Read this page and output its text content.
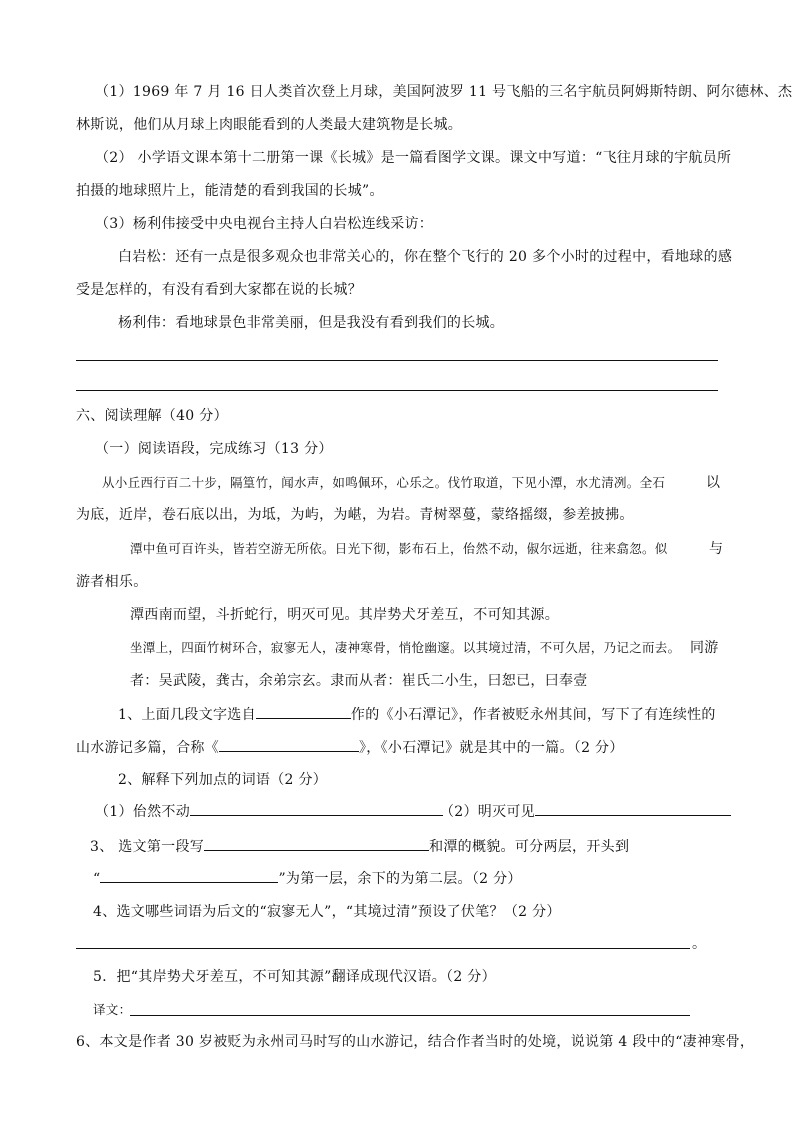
（1）1969 年 7 月 16 日人类首次登上月球，美国阿波罗 11 号飞船的三名宇航员阿姆斯特朗、阿尔德林、杰
林斯说，他们从月球上肉眼能看到的人类最大建筑物是长城。
（2） 小学语文课本第十二册第一课《长城》是一篇看图学文课。课文中写道：“飞往月球的宇航员所
拍摄的地球照片上，能清楚的看到我国的长城”。
（3）杨利伟接受中央电视台主持人白岩松连线采访：
白岩松：还有一点是很多观众也非常关心的，你在整个飞行的 20 多个小时的过程中，看地球的感
受是怎样的，有没有看到大家都在说的长城？
杨利伟：看地球景色非常美丽，但是我没有看到我们的长城。
六、阅读理解（40 分）
（一）阅读语段，完成练习（13 分）
从小丘西行百二十步，隔篁竹，闻水声，如鸣佩环，心乐之。伐竹取道，下见小潭，水尤清冽。全石	以
为底，近岸，卷石底以出，为坻，为屿，为嵁，为岩。青树翠蔓，蒙络摇缀，参差披拂。
潭中鱼可百许头，皆若空游无所依。日光下彻，影布石上，佁然不动，俶尔远逝，往来翕忽。似	与
游者相乐。
潭西南而望，斗折蛇行，明灭可见。其岸势犬牙差互，不可知其源。
坐潭上，四面竹树环合，寂寥无人，凄神寒骨，悄怆幽邃。以其境过清，不可久居，乃记之而去。 同游
者：吴武陵，龚古，余弟宗玄。隶而从者：崔氏二小生，曰恕已，曰奉壹
1、上面几段文字选自	作的《小石潭记》，作者被贬永州其间，写下了有连续性的
山水游记多篇，合称《	》，《小石潭记》就是其中的一篇。（2 分）
2、解释下列加点的词语（2 分）
（1）佁然不动	（2）明灭可见
3、 选文第一段写	和潭的概貌。可分两层，开头到
“	”为第一层，余下的为第二层。（2 分）
4、选文哪些词语为后文的“寂寥无人”，“其境过清”预设了伏笔？（2 分）
。
5．把“其岸势犬牙差互，不可知其源”翻译成现代汉语。（2 分）
译文：
6、本文是作者 30 岁被贬为永州司马时写的山水游记，结合作者当时的处境，说说第 4 段中的“凄神寒骨，
